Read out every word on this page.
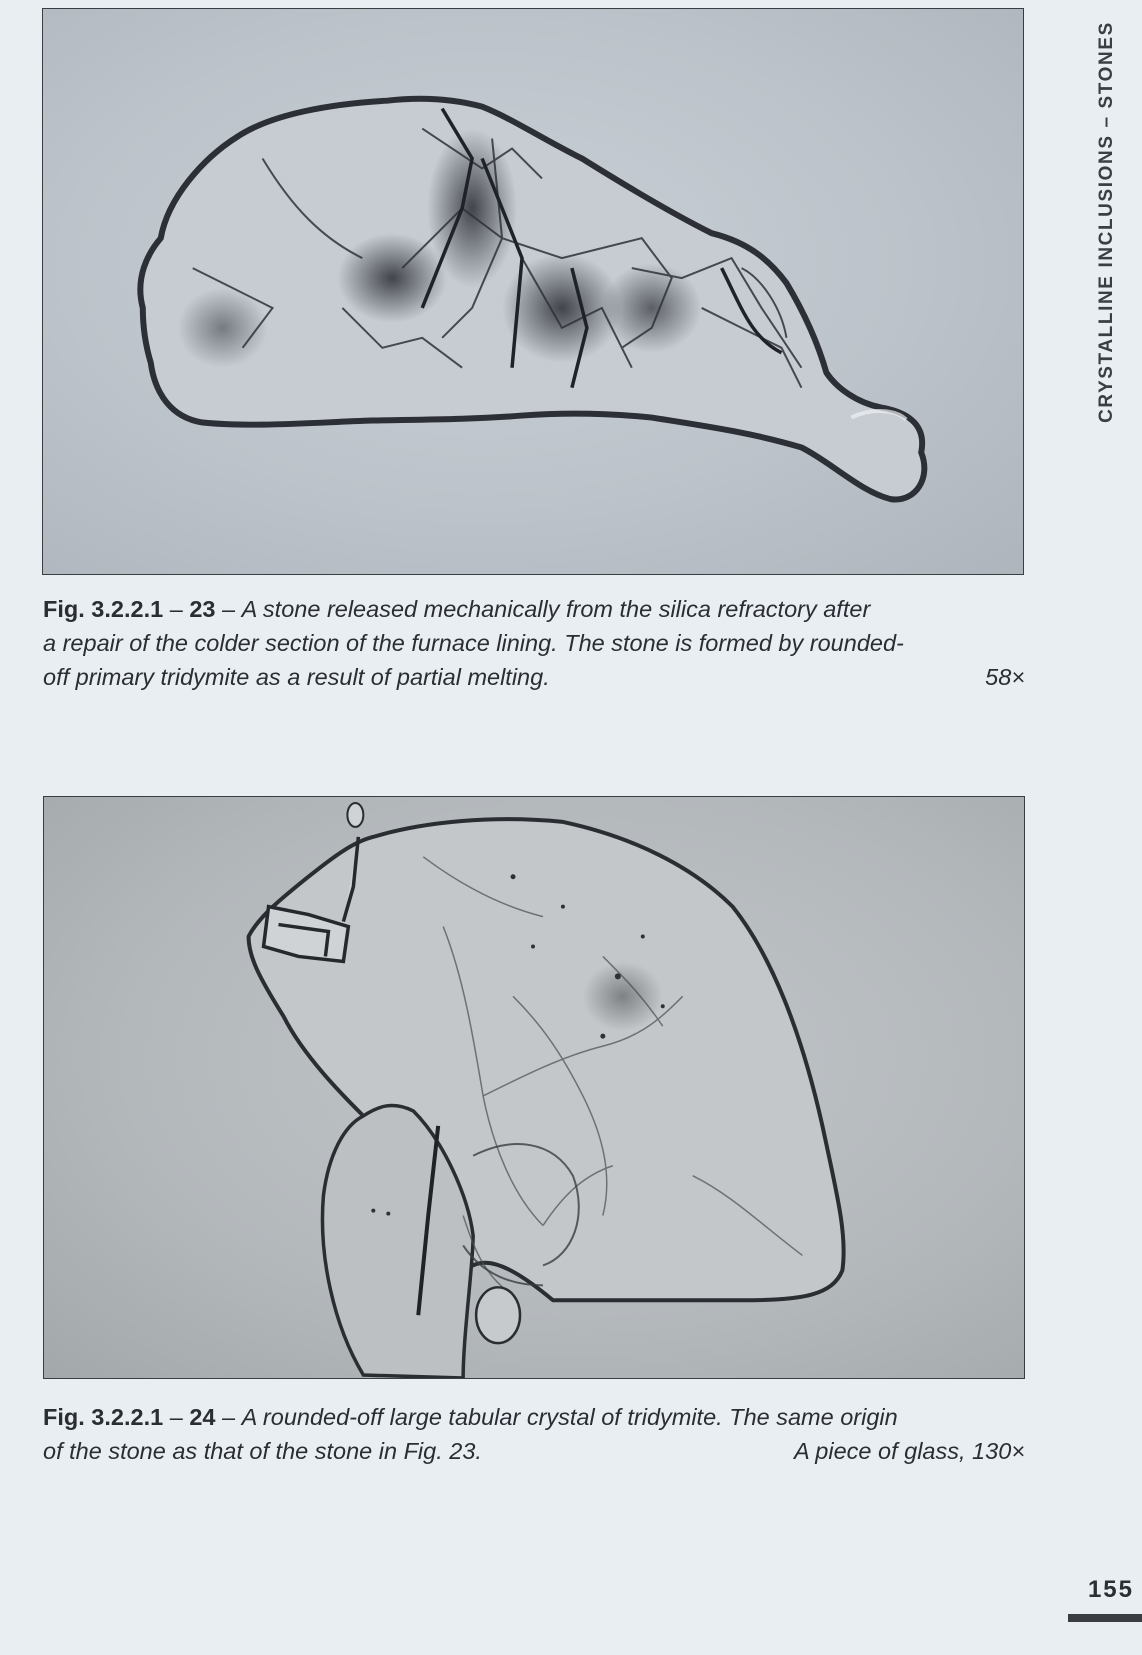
Fig. 3.2.2.1 – 23 – A stone released mechanically from the silica refractory after
a repair of the colder section of the furnace lining. The stone is formed by rounded-
off primary tridymite as a result of partial melting.	58×
Fig. 3.2.2.1 – 24 – A rounded-off large tabular crystal of tridymite. The same origin
of the stone as that of the stone in Fig. 23.	A piece of glass, 130×
CRYSTALLINE INCLUSIONS – STONES
155
